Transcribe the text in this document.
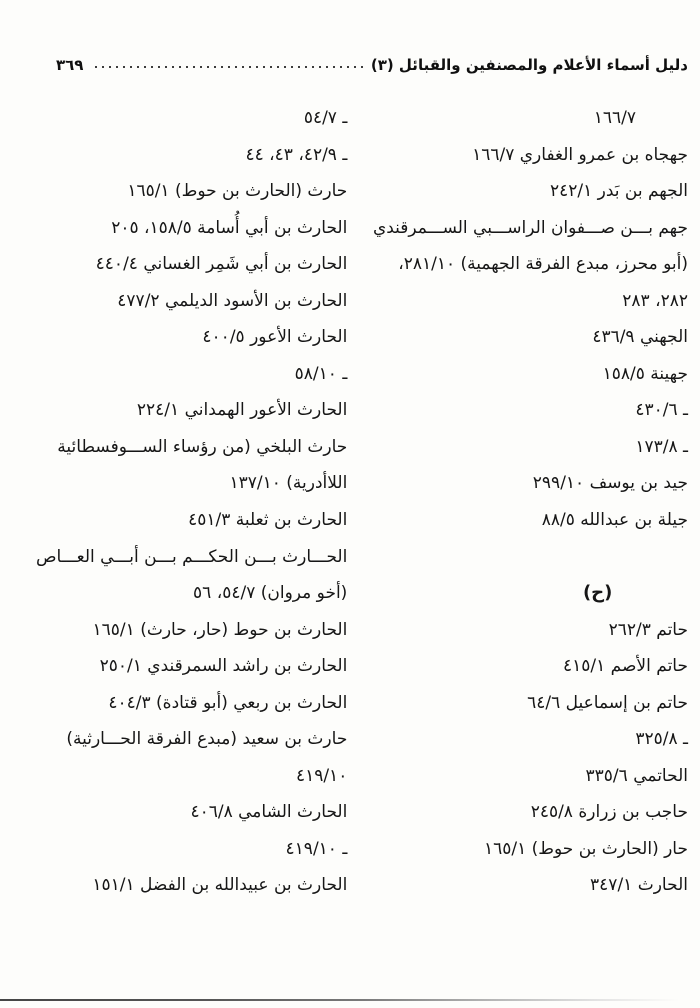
دليل أسماء الأعلام والمصنفين والقبائل (٣)
٣٦٩
١٦٦/٧
جهجاه بن عمرو الغفاري ١٦٦/٧
الجهم بن بَدر ٢٤٢/١
جهم بـــن صـــفوان الراســـبي الســـمرقندي
(أبو محرز، مبدع الفرقة الجهمية) ٢٨١/١٠،
٢٨٢،‏ ٢٨٣
الجهني ٤٣٦/٩
جهينة ١٥٨/٥
ـ ٤٣٠/٦
ـ ١٧٣/٨
جيد بن يوسف ٢٩٩/١٠
جيلة بن عبدالله ٨٨/٥
(ح)
حاتم ٢٦٢/٣
حاتم الأصم ٤١٥/١
حاتم بن إسماعيل ٦٤/٦
ـ ٣٢٥/٨
الحاتمي ٣٣٥/٦
حاجب بن زرارة ٢٤٥/٨
حار (الحارث بن حوط) ١٦٥/١
الحارث ٣٤٧/١
ـ ٥٤/٧
ـ ٤٢/٩،‏ ٤٣،‏ ٤٤
حارث (الحارث بن حوط) ١٦٥/١
الحارث بن أبي أُسامة ١٥٨/٥،‏ ٢٠٥
الحارث بن أبي شَمِر الغساني ٤٤٠/٤
الحارث بن الأسود الديلمي ٤٧٧/٢
الحارث الأعور ٤٠٠/٥
ـ ٥٨/١٠
الحارث الأعور الهمداني ٢٢٤/١
حارث البلخي (من رؤساء الســـوفسطائية
اللاأدرية) ١٣٧/١٠
الحارث بن ثعلبة ٤٥١/٣
الحـــارث بـــن الحكـــم بـــن أبـــي العـــاص
(أخو مروان) ٥٤/٧،‏ ٥٦
الحارث بن حوط (حار، حارث) ١٦٥/١
الحارث بن راشد السمرقندي ٢٥٠/١
الحارث بن ربعي (أبو قتادة) ٤٠٤/٣
حارث بن سعيد (مبدع الفرقة الحـــارثية)
٤١٩/١٠
الحارث الشامي ٤٠٦/٨
ـ ٤١٩/١٠
الحارث بن عبيدالله بن الفضل ١٥١/١
